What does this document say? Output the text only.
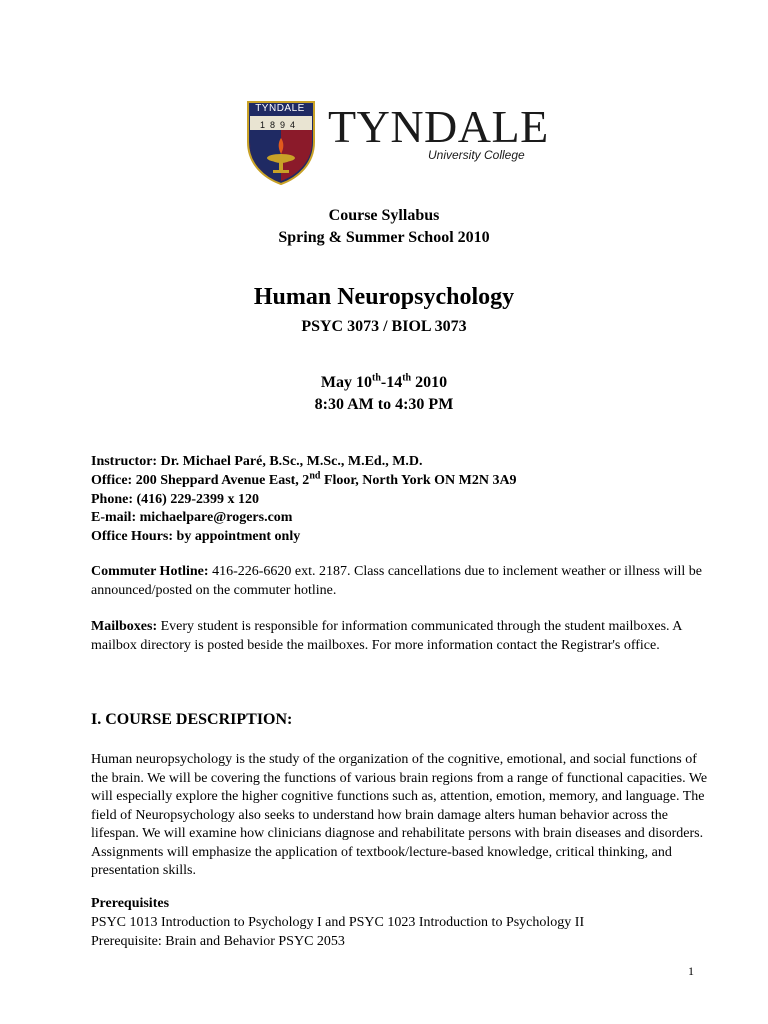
TYNDALE
1894 TYNDALE
University College
Course Syllabus
Spring & Summer School 2010
Human Neuropsychology
PSYC 3073 / BIOL 3073
May 10th-14th 2010
8:30 AM to 4:30 PM
Instructor: Dr. Michael Paré, B.Sc., M.Sc., M.Ed., M.D.
Office: 200 Sheppard Avenue East, 2nd Floor, North York ON M2N 3A9
Phone: (416) 229-2399 x 120
E-mail: michaelpare@rogers.com
Office Hours: by appointment only
Commuter Hotline: 416-226-6620 ext. 2187. Class cancellations due to inclement weather or illness will be announced/posted on the commuter hotline.
Mailboxes: Every student is responsible for information communicated through the student mailboxes. A mailbox directory is posted beside the mailboxes. For more information contact the Registrar's office.
I. COURSE DESCRIPTION:
Human neuropsychology is the study of the organization of the cognitive, emotional, and social functions of the brain. We will be covering the functions of various brain regions from a range of functional capacities. We will especially explore the higher cognitive functions such as, attention, emotion, memory, and language. The field of Neuropsychology also seeks to understand how brain damage alters human behavior across the lifespan. We will examine how clinicians diagnose and rehabilitate persons with brain diseases and disorders. Assignments will emphasize the application of textbook/lecture-based knowledge, critical thinking, and presentation skills.
Prerequisites
PSYC 1013 Introduction to Psychology I and PSYC 1023 Introduction to Psychology II
Prerequisite: Brain and Behavior PSYC 2053
1
